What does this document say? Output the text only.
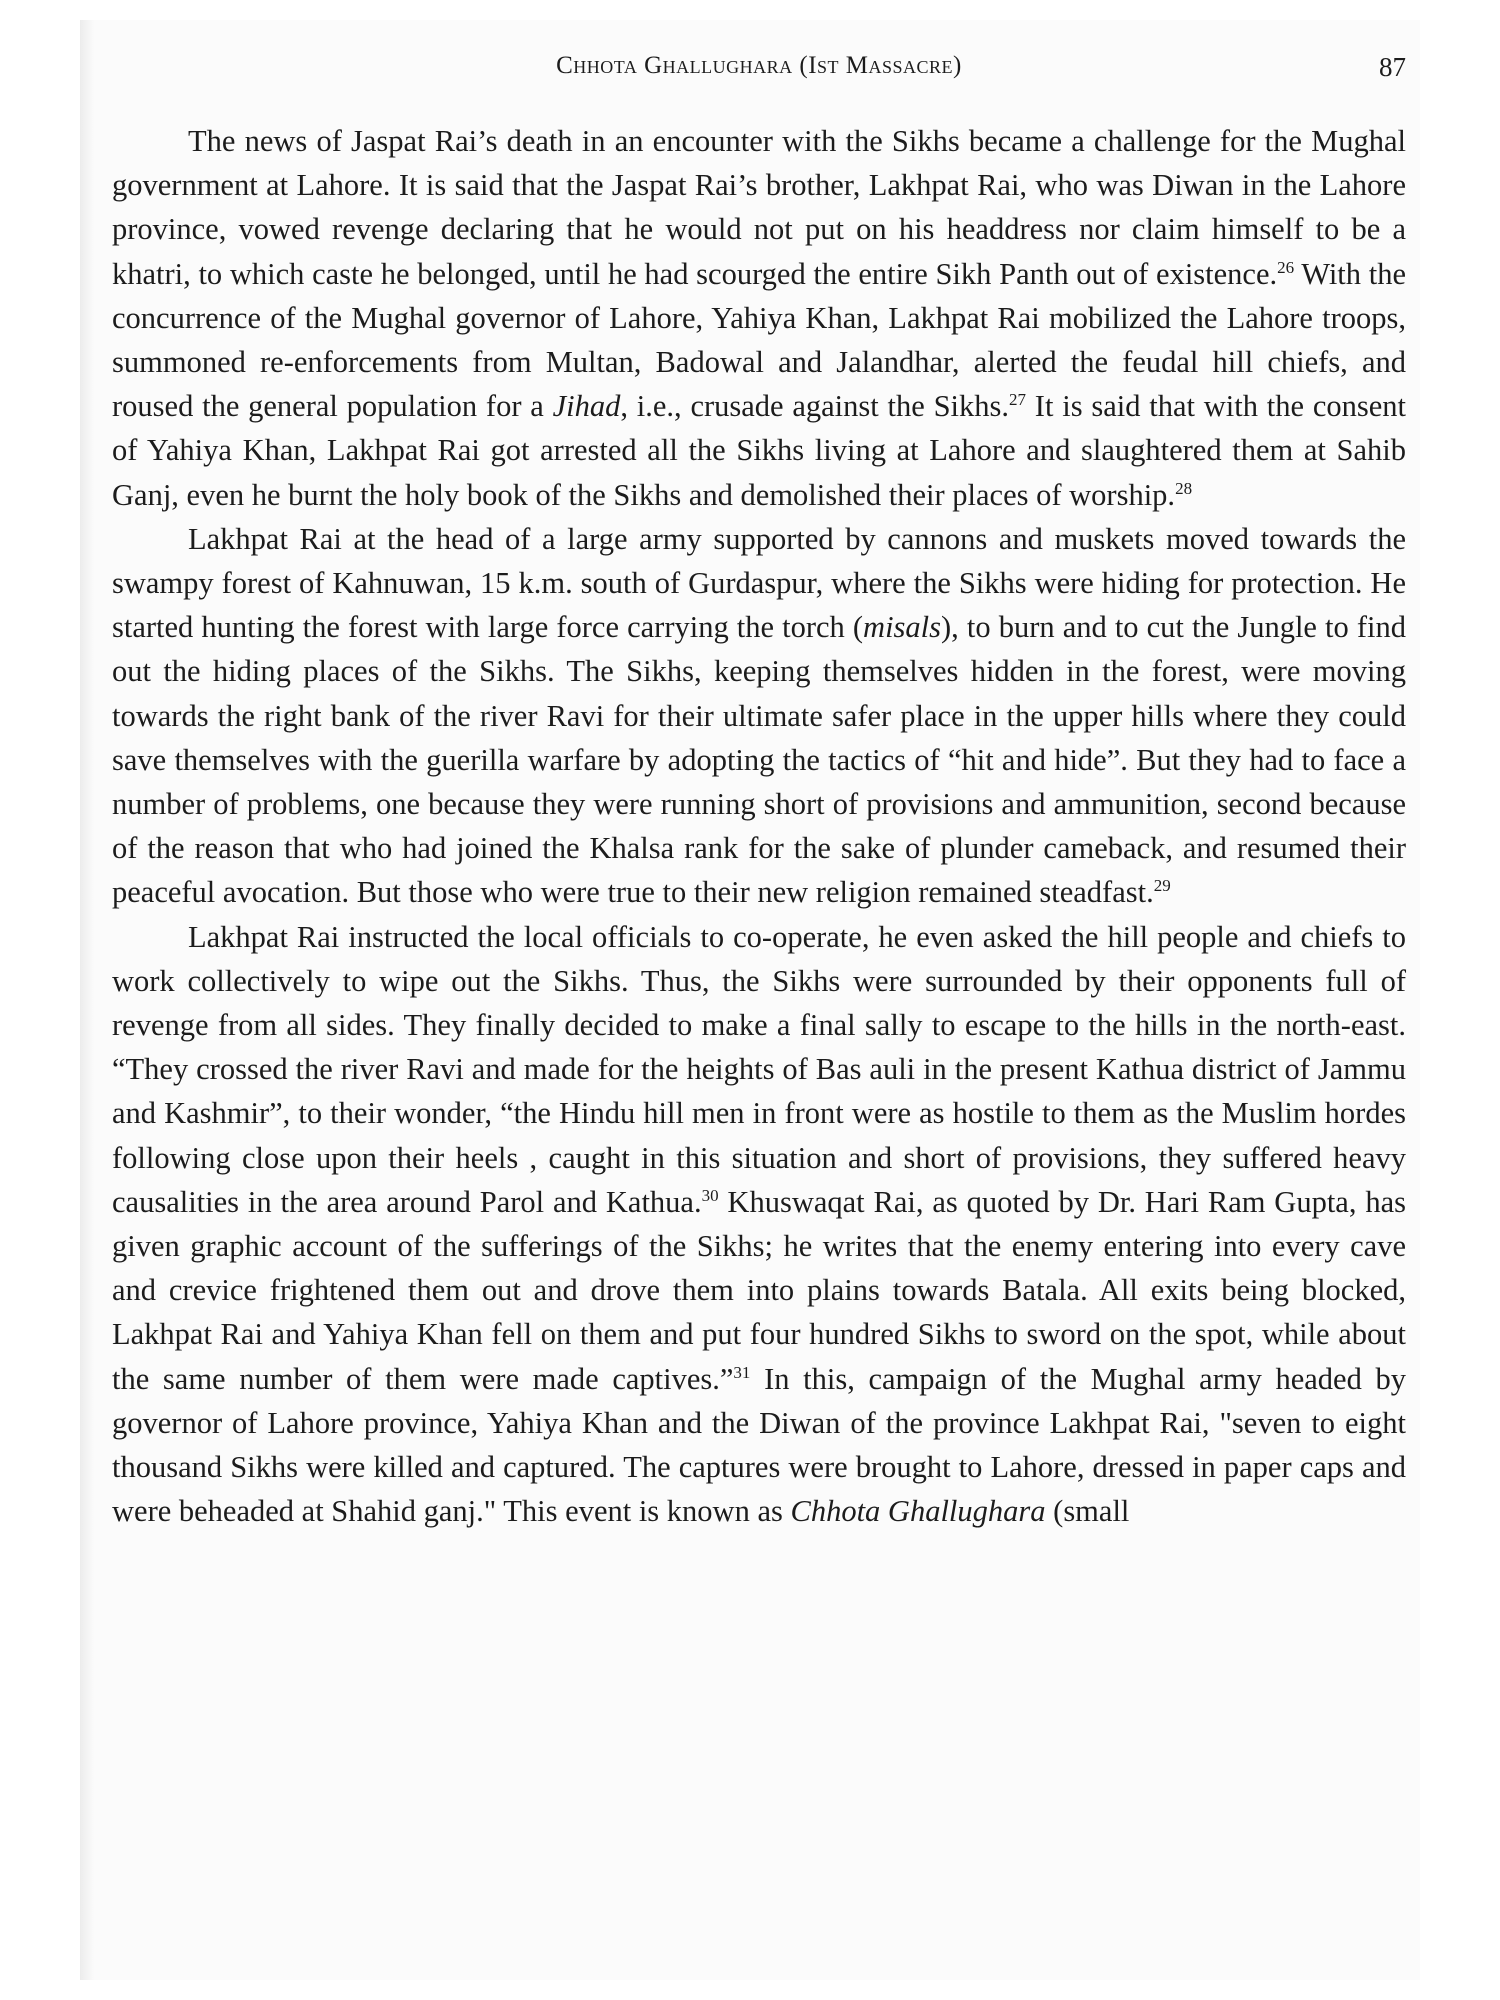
Chhota Ghallughara (Ist Massacre)	87

The news of Jaspat Rai’s death in an encounter with the Sikhs became a challenge for the Mughal government at Lahore. It is said that the Jaspat Rai’s brother, Lakhpat Rai, who was Diwan in the Lahore province, vowed revenge declaring that he would not put on his headdress nor claim himself to be a khatri, to which caste he belonged, until he had scourged the entire Sikh Panth out of existence.$^{26}$ With the concurrence of the Mughal governor of Lahore, Yahiya Khan, Lakhpat Rai mobilized the Lahore troops, summoned re-enforcements from Multan, Badowal and Jalandhar, alerted the feudal hill chiefs, and roused the general population for a Jihad, i.e., crusade against the Sikhs.$^{27}$ It is said that with the consent of Yahiya Khan, Lakhpat Rai got arrested all the Sikhs living at Lahore and slaughtered them at Sahib Ganj, even he burnt the holy book of the Sikhs and demolished their places of worship.$^{28}$

Lakhpat Rai at the head of a large army supported by cannons and muskets moved towards the swampy forest of Kahnuwan, 15 k.m. south of Gurdaspur, where the Sikhs were hiding for protection. He started hunting the forest with large force carrying the torch (misals), to burn and to cut the Jungle to find out the hiding places of the Sikhs. The Sikhs, keeping themselves hidden in the forest, were moving towards the right bank of the river Ravi for their ultimate safer place in the upper hills where they could save themselves with the guerilla warfare by adopting the tactics of “hit and hide”. But they had to face a number of problems, one because they were running short of provisions and ammunition, second because of the reason that who had joined the Khalsa rank for the sake of plunder cameback, and resumed their peaceful avocation. But those who were true to their new religion remained steadfast.$^{29}$

Lakhpat Rai instructed the local officials to co-operate, he even asked the hill people and chiefs to work collectively to wipe out the Sikhs. Thus, the Sikhs were surrounded by their opponents full of revenge from all sides. They finally decided to make a final sally to escape to the hills in the north-east. “They crossed the river Ravi and made for the heights of Bas auli in the present Kathua district of Jammu and Kashmir”, to their wonder, “the Hindu hill men in front were as hostile to them as the Muslim hordes following close upon their heels , caught in this situation and short of provisions, they suffered heavy causalities in the area around Parol and Kathua.$^{30}$ Khuswaqat Rai, as quoted by Dr. Hari Ram Gupta, has given graphic account of the sufferings of the Sikhs; he writes that the enemy entering into every cave and crevice frightened them out and drove them into plains towards Batala. All exits being blocked, Lakhpat Rai and Yahiya Khan fell on them and put four hundred Sikhs to sword on the spot, while about the same number of them were made captives.”$^{31}$ In this, campaign of the Mughal army headed by governor of Lahore province, Yahiya Khan and the Diwan of the province Lakhpat Rai, "seven to eight thousand Sikhs were killed and captured. The captures were brought to Lahore, dressed in paper caps and were beheaded at Shahid ganj." This event is known as Chhota Ghallughara (small
